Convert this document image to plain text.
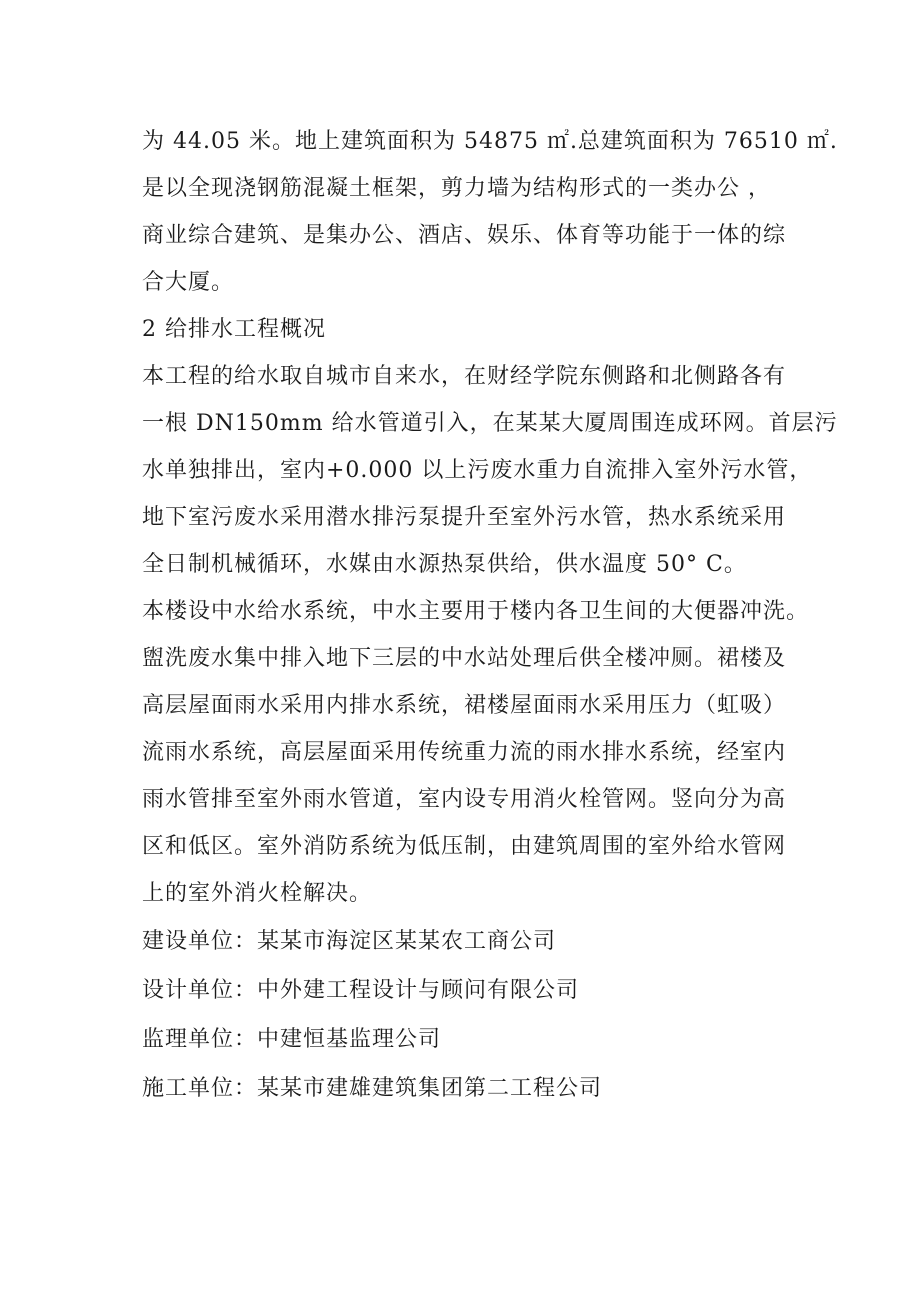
为 44.05 米。地上建筑面积为 54875 ㎡.总建筑面积为 76510 ㎡.
是以全现浇钢筋混凝土框架，剪力墙为结构形式的一类办公 ，
商业综合建筑、是集办公、酒店、娱乐、体育等功能于一体的综
合大厦。
2 给排水工程概况
本工程的给水取自城市自来水，在财经学院东侧路和北侧路各有
一根 DN150mm 给水管道引入，在某某大厦周围连成环网。首层污
水单独排出，室内+0.000 以上污废水重力自流排入室外污水管，
地下室污废水采用潜水排污泵提升至室外污水管，热水系统采用
全日制机械循环，水媒由水源热泵供给，供水温度 50° C。
本楼设中水给水系统，中水主要用于楼内各卫生间的大便器冲洗。
盥洗废水集中排入地下三层的中水站处理后供全楼冲厕。裙楼及
高层屋面雨水采用内排水系统，裙楼屋面雨水采用压力（虹吸）
流雨水系统，高层屋面采用传统重力流的雨水排水系统，经室内
雨水管排至室外雨水管道，室内设专用消火栓管网。竖向分为高
区和低区。室外消防系统为低压制，由建筑周围的室外给水管网
上的室外消火栓解决。
建设单位：某某市海淀区某某农工商公司
设计单位：中外建工程设计与顾问有限公司
监理单位：中建恒基监理公司
施工单位：某某市建雄建筑集团第二工程公司
